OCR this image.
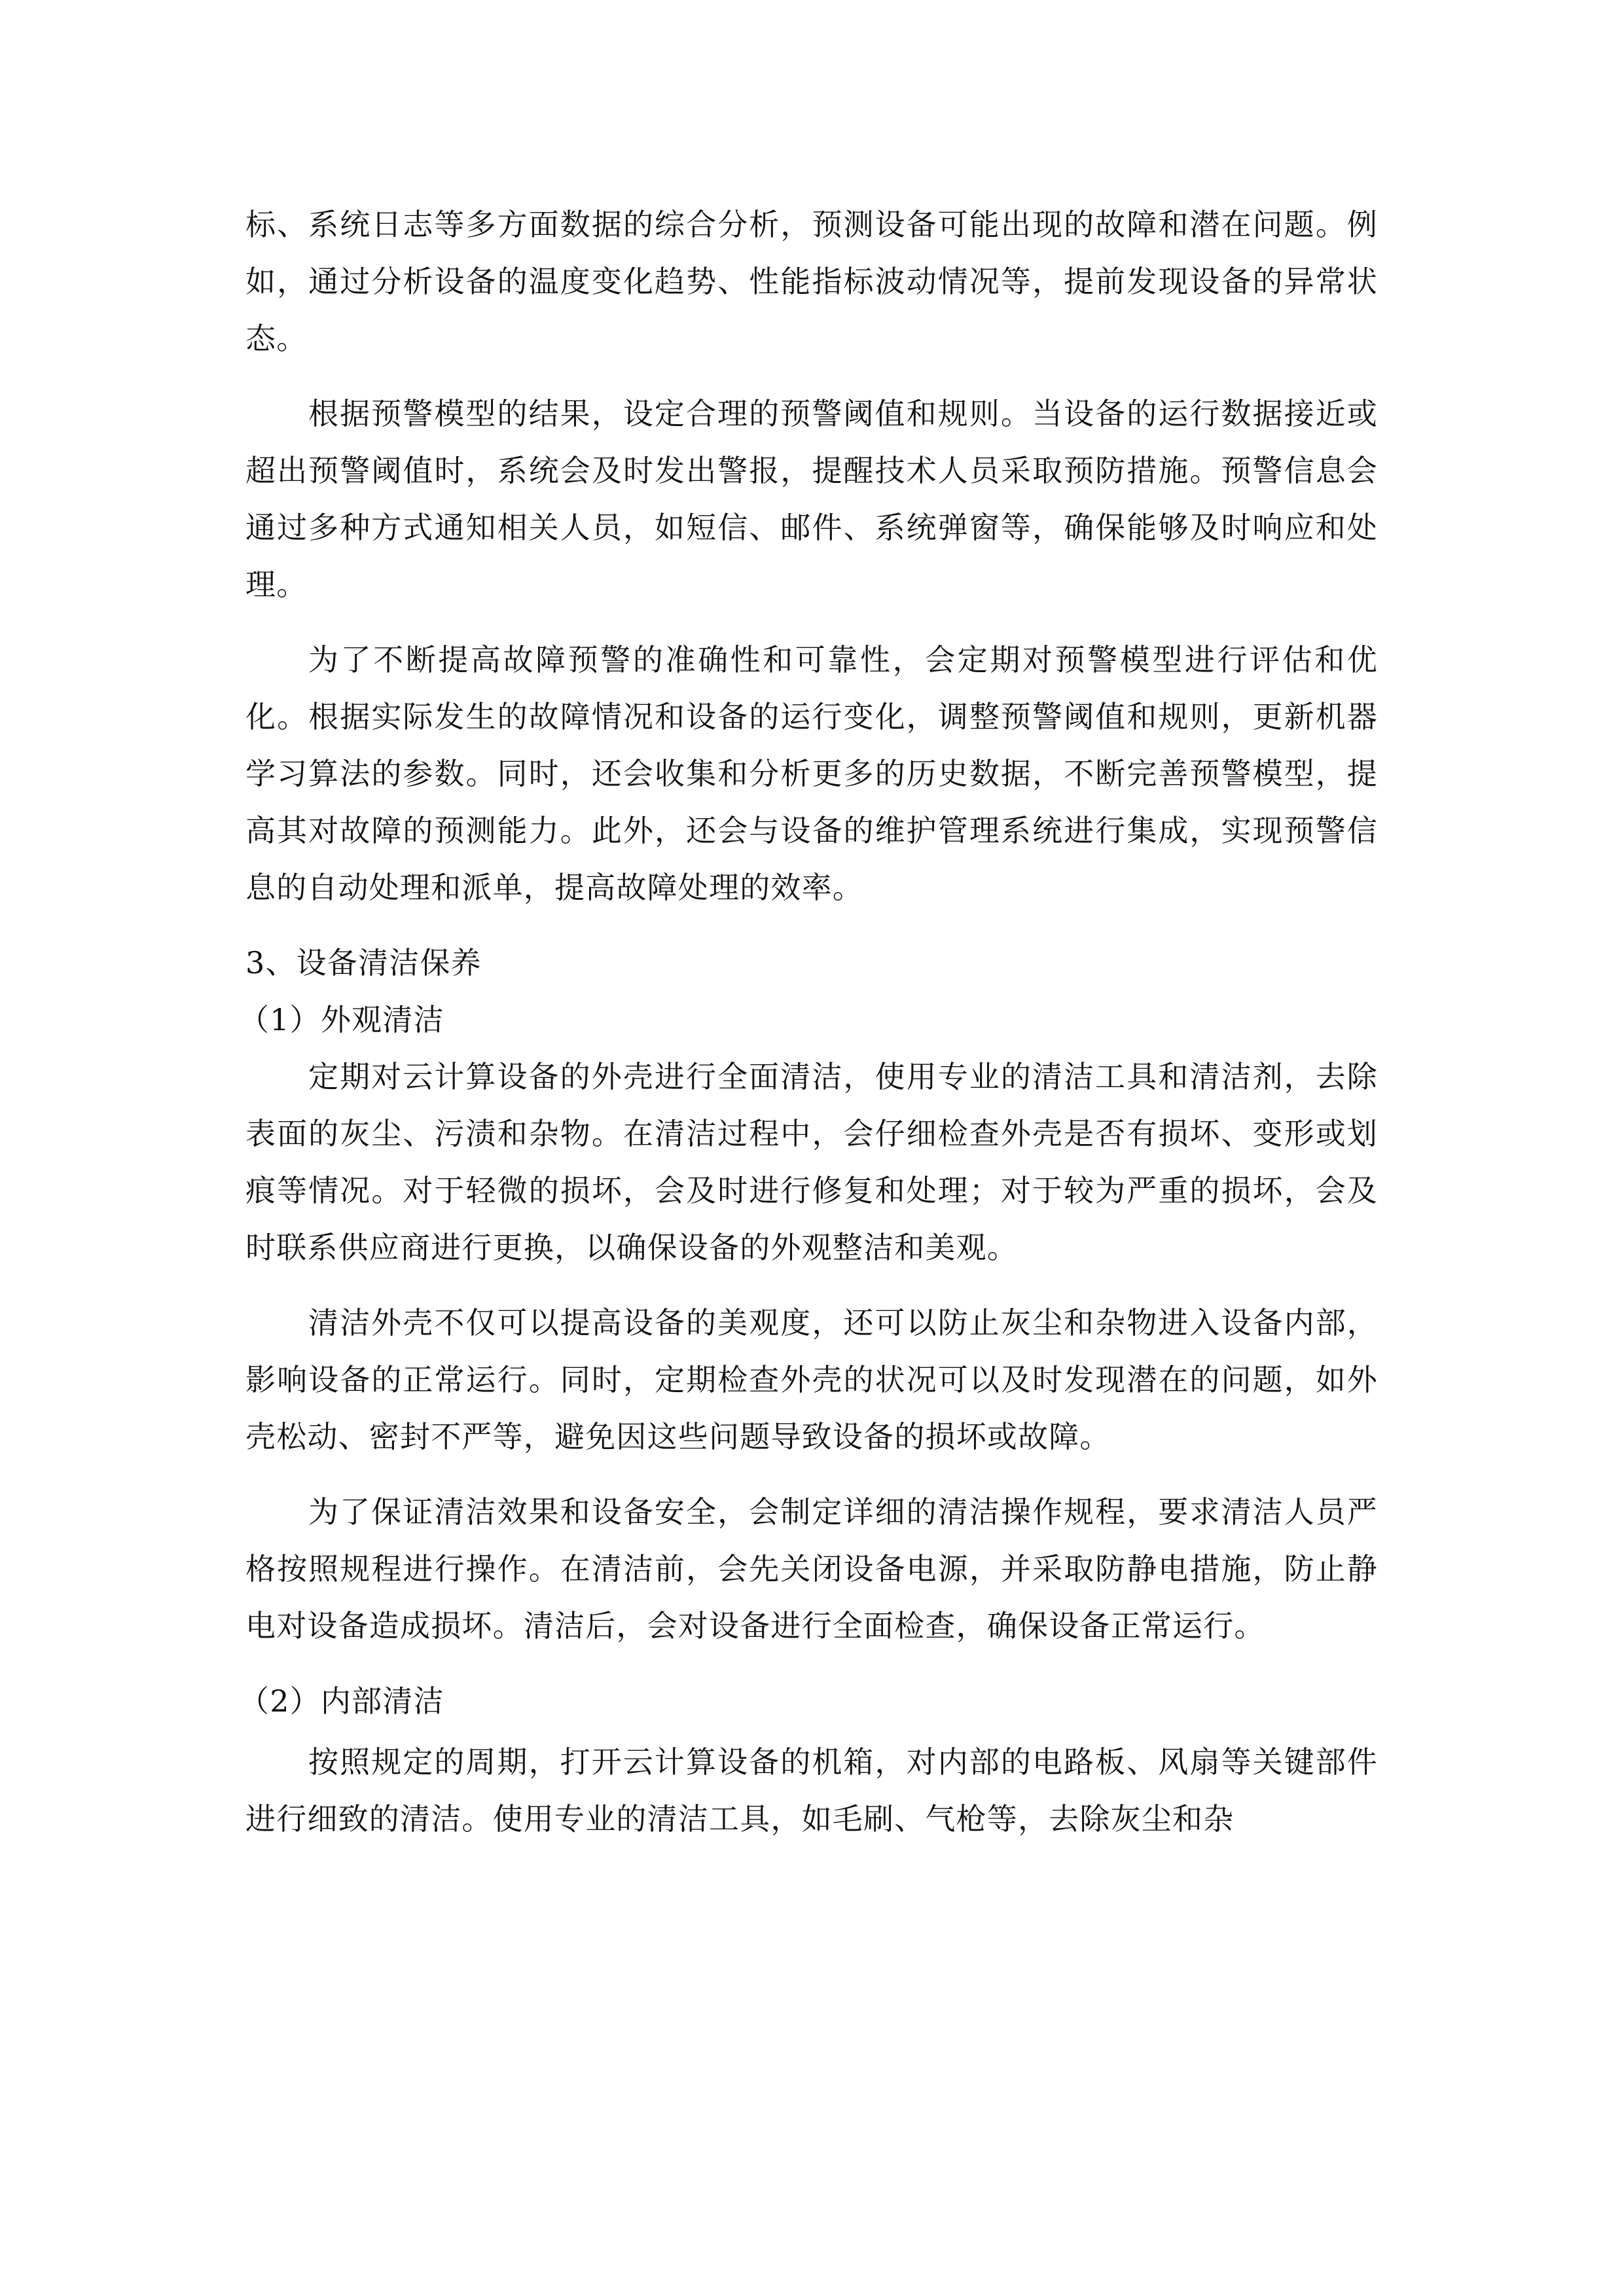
标、系统日志等多方面数据的综合分析，预测设备可能出现的故障和潜在问题。例如，通过分析设备的温度变化趋势、性能指标波动情况等，提前发现设备的异常状态。

根据预警模型的结果，设定合理的预警阈值和规则。当设备的运行数据接近或超出预警阈值时，系统会及时发出警报，提醒技术人员采取预防措施。预警信息会通过多种方式通知相关人员，如短信、邮件、系统弹窗等，确保能够及时响应和处理。

为了不断提高故障预警的准确性和可靠性，会定期对预警模型进行评估和优化。根据实际发生的故障情况和设备的运行变化，调整预警阈值和规则，更新机器学习算法的参数。同时，还会收集和分析更多的历史数据，不断完善预警模型，提高其对故障的预测能力。此外，还会与设备的维护管理系统进行集成，实现预警信息的自动处理和派单，提高故障处理的效率。

3、设备清洁保养

（1）外观清洁

定期对云计算设备的外壳进行全面清洁，使用专业的清洁工具和清洁剂，去除表面的灰尘、污渍和杂物。在清洁过程中，会仔细检查外壳是否有损坏、变形或划痕等情况。对于轻微的损坏，会及时进行修复和处理；对于较为严重的损坏，会及时联系供应商进行更换，以确保设备的外观整洁和美观。

清洁外壳不仅可以提高设备的美观度，还可以防止灰尘和杂物进入设备内部，影响设备的正常运行。同时，定期检查外壳的状况可以及时发现潜在的问题，如外壳松动、密封不严等，避免因这些问题导致设备的损坏或故障。

为了保证清洁效果和设备安全，会制定详细的清洁操作规程，要求清洁人员严格按照规程进行操作。在清洁前，会先关闭设备电源，并采取防静电措施，防止静电对设备造成损坏。清洁后，会对设备进行全面检查，确保设备正常运行。

（2）内部清洁

按照规定的周期，打开云计算设备的机箱，对内部的电路板、风扇等关键部件进行细致的清洁。使用专业的清洁工具，如毛刷、气枪等，去除灰尘和杂
